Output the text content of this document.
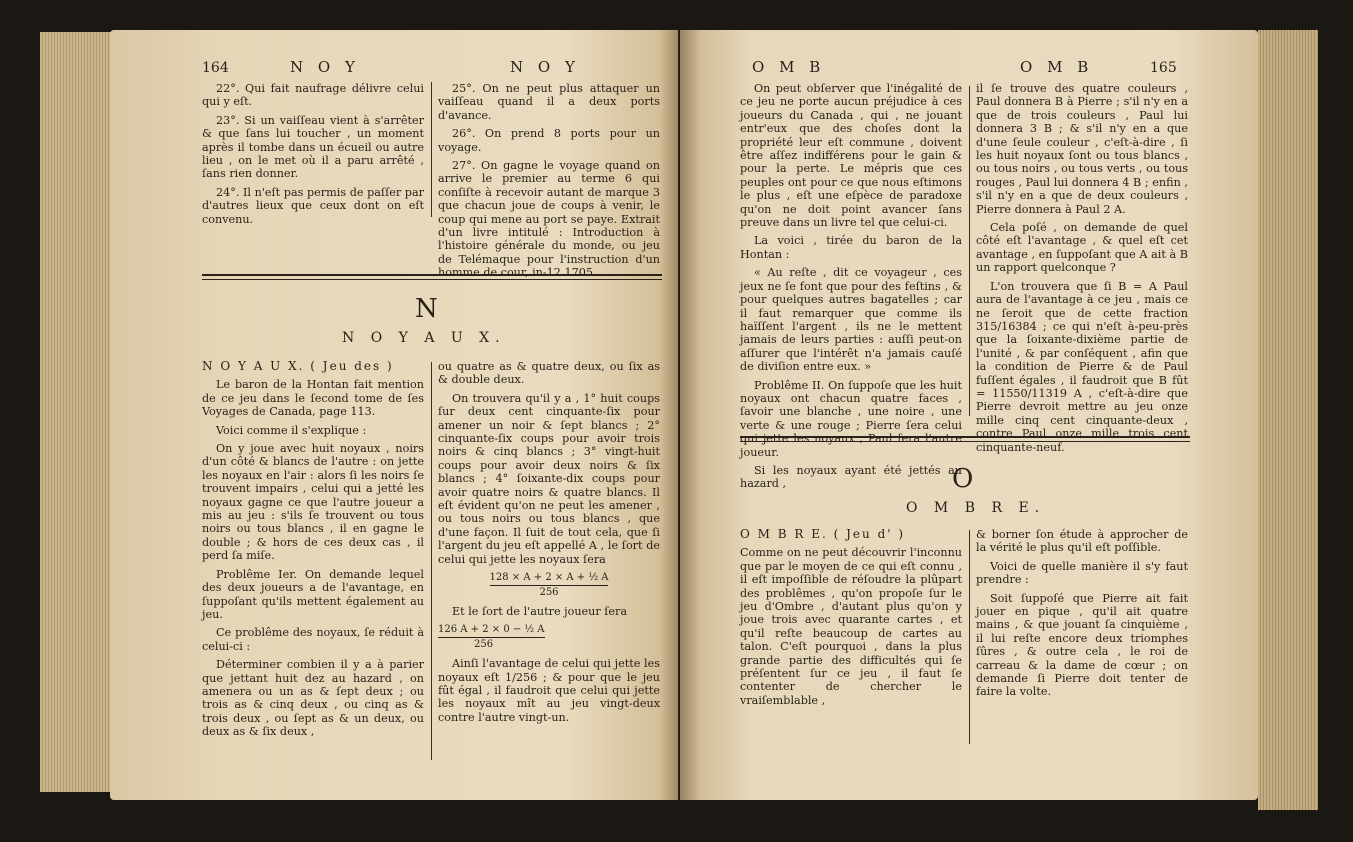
164	N O Y	N O Y

22°. Qui fait naufrage délivre celui qui y eſt.

23°. Si un vaiſſeau vient à s'arrêter & que ſans lui toucher , un moment après il tombe dans un écueil ou autre lieu , on le met où il a paru arrêté , ſans rien donner.

24°. Il n'eſt pas permis de paſſer par d'autres lieux que ceux dont on eſt convenu.

25°. On ne peut plus attaquer un vaiſſeau quand il a deux ports d'avance.

26°. On prend 8 ports pour un voyage.

27°. On gagne le voyage quand on arrive le premier au terme 6 qui conſiſte à recevoir autant de marque 3 que chacun joue de coups à venir, le coup qui mene au port se paye. Extrait d'un livre intitulé : Introduction à l'histoire générale du monde, ou jeu de Telémaque pour l'instruction d'un homme de cour, in-12 1705.

N
N O Y A U X.

N O Y A U X. ( Jeu des )

Le baron de la Hontan fait mention de ce jeu dans le ſecond tome de ſes Voyages de Canada, page 113.

Voici comme il s'explique :

On y joue avec huit noyaux , noirs d'un côté & blancs de l'autre : on jette les noyaux en l'air : alors ſi les noirs ſe trouvent impairs , celui qui a jetté les noyaux gagne ce que l'autre joueur a mis au jeu : s'ils ſe trouvent ou tous noirs ou tous blancs , il en gagne le double ; & hors de ces deux cas , il perd ſa miſe.

Problême Ier. On demande lequel des deux joueurs a de l'avantage, en ſuppoſant qu'ils mettent également au jeu.

Ce problême des noyaux, ſe réduit à celui-ci :

Déterminer combien il y a à parier que jettant huit dez au hazard , on amenera ou un as & ſept deux ; ou trois as & cinq deux , ou cinq as & trois deux , ou ſept as & un deux, ou deux as & ſix deux ,

ou quatre as & quatre deux, ou ſix as & double deux.

On trouvera qu'il y a , 1° huit coups ſur deux cent cinquante-ſix pour amener un noir & ſept blancs ; 2° cinquante-ſix coups pour avoir trois noirs & cinq blancs ; 3° vingt-huit coups pour avoir deux noirs & ſix blancs ; 4° ſoixante-dix coups pour avoir quatre noirs & quatre blancs. Il eſt évident qu'on ne peut les amener , ou tous noirs ou tous blancs , que d'une façon. Il ſuit de tout cela, que ſi l'argent du jeu eſt appellé A , le ſort de celui qui jette les noyaux ſera

128 × A + 2 × A + ½ A
256

Et le ſort de l'autre joueur ſera

126 A + 2 × 0 − ½ A
256

Ainſi l'avantage de celui qui jette les noyaux eſt 1/256 ; & pour que le jeu fût égal , il faudroit que celui qui jette les noyaux mît au jeu vingt-deux contre l'autre vingt-un.

O M B	O M B	165

On peut obſerver que l'inégalité de ce jeu ne porte aucun préjudice à ces joueurs du Canada , qui , ne jouant entr'eux que des choſes dont la propriété leur eſt commune , doivent être aſſez indifférens pour le gain & pour la perte. Le mépris que ces peuples ont pour ce que nous eſtimons le plus , eſt une eſpèce de paradoxe qu'on ne doit point avancer ſans preuve dans un livre tel que celui-ci.

La voici , tirée du baron de la Hontan :

« Au reſte , dit ce voyageur , ces jeux ne ſe font que pour des feſtins , & pour quelques autres bagatelles ; car il faut remarquer que comme ils haïſſent l'argent , ils ne le mettent jamais de leurs parties : auſſi peut-on aſſurer que l'intérêt n'a jamais cauſé de diviſion entre eux. »

Problême II. On ſuppoſe que les huit noyaux ont chacun quatre faces , ſavoir une blanche , une noire , une verte & une rouge ; Pierre ſera celui qui jette les noyaux , Paul ſera l'autre joueur.

Si les noyaux ayant été jettés au hazard ,

il ſe trouve des quatre couleurs , Paul donnera B à Pierre ; s'il n'y en a que de trois couleurs , Paul lui donnera 3 B ; & s'il n'y en a que d'une ſeule couleur , c'eſt-à-dire , ſi les huit noyaux ſont ou tous blancs , ou tous noirs , ou tous verts , ou tous rouges , Paul lui donnera 4 B ; enfin , s'il n'y en a que de deux couleurs , Pierre donnera à Paul 2 A.

Cela poſé , on demande de quel côté eſt l'avantage , & quel eſt cet avantage , en ſuppoſant que A ait à B un rapport quelconque ?

L'on trouvera que ſi B = A Paul aura de l'avantage à ce jeu , mais ce ne ſeroit que de cette fraction 315/16384 ; ce qui n'eſt à-peu-près que la ſoixante-dixième partie de l'unité , & par conſéquent , afin que la condition de Pierre & de Paul fuſſent égales , il faudroit que B fût = 11550/11319 A , c'eſt-à-dire que Pierre devroit mettre au jeu onze mille cinq cent cinquante-deux , contre Paul onze mille trois cent cinquante-neuf.

O
O M B R E.

O M B R E. ( Jeu d' )

Comme on ne peut découvrir l'inconnu que par le moyen de ce qui eſt connu , il eſt impoſſible de réſoudre la plûpart des problêmes , qu'on propoſe ſur le jeu d'Ombre , d'autant plus qu'on y joue trois avec quarante cartes , et qu'il reſte beaucoup de cartes au talon. C'eſt pourquoi , dans la plus grande partie des difficultés qui ſe préſentent ſur ce jeu , il faut ſe contenter de chercher le vraiſemblable ,

& borner ſon étude à approcher de la vérité le plus qu'il eſt poſſible.

Voici de quelle manière il s'y faut prendre :

Soit ſuppoſé que Pierre ait fait jouer en pique , qu'il ait quatre mains , & que jouant ſa cinquième , il lui reſte encore deux triomphes ſûres , & outre cela , le roi de carreau & la dame de cœur ; on demande ſi Pierre doit tenter de faire la volte.
